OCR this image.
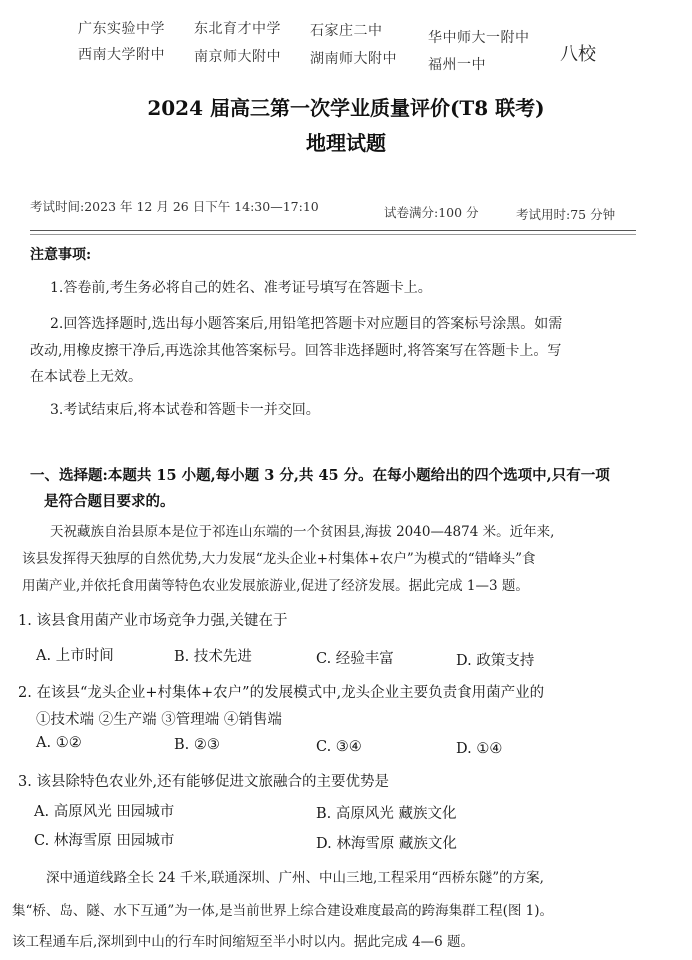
广东实验中学 东北育才中学 石家庄二中	华中师大一附中
西南大学附中 南京师大附中 湖南师大附中 福州一中	八校
2024 届高三第一次学业质量评价(T8 联考)
地理试题
考试时间:2023 年 12 月 26 日下午 14:30—17:10	试卷满分:100 分	考试用时:75 分钟
注意事项:
1.答卷前,考生务必将自己的姓名、准考证号填写在答题卡上。
2.回答选择题时,选出每小题答案后,用铅笔把答题卡对应题目的答案标号涂黑。如需
改动,用橡皮擦干净后,再选涂其他答案标号。回答非选择题时,将答案写在答题卡上。写
在本试卷上无效。
3.考试结束后,将本试卷和答题卡一并交回。
一、选择题:本题共 15 小题,每小题 3 分,共 45 分。在每小题给出的四个选项中,只有一项
是符合题目要求的。
天祝藏族自治县原本是位于祁连山东端的一个贫困县,海拔 2040—4874 米。近年来,
该县发挥得天独厚的自然优势,大力发展“龙头企业+村集体+农户”为模式的“错峰头”食
用菌产业,并依托食用菌等特色农业发展旅游业,促进了经济发展。据此完成 1—3 题。
1. 该县食用菌产业市场竞争力强,关键在于
A. 上市时间	B. 技术先进	C. 经验丰富	D. 政策支持
2. 在该县“龙头企业+村集体+农户”的发展模式中,龙头企业主要负责食用菌产业的
①技术端 ②生产端 ③管理端 ④销售端
A. ①②	B. ②③	C. ③④	D. ①④
3. 该县除特色农业外,还有能够促进文旅融合的主要优势是
A. 高原风光 田园城市	B. 高原风光 藏族文化
C. 林海雪原 田园城市	D. 林海雪原 藏族文化
深中通道线路全长 24 千米,联通深圳、广州、中山三地,工程采用“西桥东隧”的方案,
集“桥、岛、隧、水下互通”为一体,是当前世界上综合建设难度最高的跨海集群工程(图 1)。
该工程通车后,深圳到中山的行车时间缩短至半小时以内。据此完成 4—6 题。
